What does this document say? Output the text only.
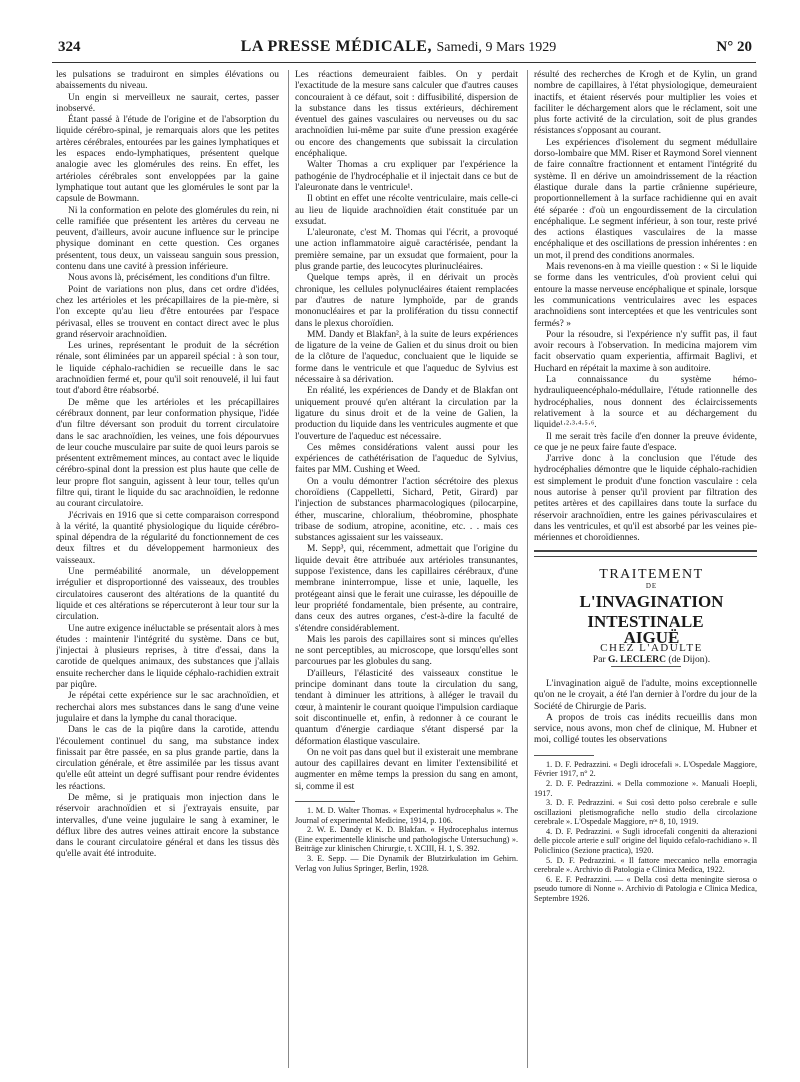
324	LA PRESSE MÉDICALE, Samedi, 9 Mars 1929	N° 20

les pulsations se traduiront en simples élévations ou abaissements du niveau.

Un engin si merveilleux ne saurait, certes, passer inobservé.

Étant passé à l'étude de l'origine et de l'absorption du liquide cérébro-spinal, je remarquais alors que les petites artères cérébrales, entourées par les gaines lymphatiques et les espaces endo-lymphatiques, présentent quelque analogie avec les glomérules des reins. En effet, les artérioles cérébrales sont enveloppées par la gaine lymphatique tout autant que les glomérules le sont par la capsule de Bowmann.

Ni la conformation en pelote des glomérules du rein, ni celle ramifiée que présentent les artères du cerveau ne peuvent, d'ailleurs, avoir aucune influence sur le principe physique dominant en cette question. Ces organes présentent, tous deux, un vaisseau sanguin sous pression, contenu dans une cavité à pression inférieure.

Nous avons là, précisément, les conditions d'un filtre.

Point de variations non plus, dans cet ordre d'idées, chez les artérioles et les précapillaires de la pie-mère, si l'on excepte qu'au lieu d'être entourées par l'espace périvasal, elles se trouvent en contact direct avec le plus grand réservoir arachnoïdien.

Les urines, représentant le produit de la sécrétion rénale, sont éliminées par un appareil spécial : à son tour, le liquide céphalo-rachidien se recueille dans le sac arachnoïdien fermé et, pour qu'il soit renouvelé, il lui faut tout d'abord être réabsorbé.

De même que les artérioles et les précapillaires cérébraux donnent, par leur conformation physique, l'idée d'un filtre déversant son produit du torrent circulatoire dans le sac arachnoïdien, les veines, une fois dépourvues de leur couche musculaire par suite de quoi leurs parois se présentent extrêmement minces, au contact avec le liquide cérébro-spinal dont la pression est plus haute que celle de leur propre flot sanguin, agissent à leur tour, telles qu'un filtre qui, tirant le liquide du sac arachnoïdien, le redonne au courant circulatoire.

J'écrivais en 1916 que si cette comparaison correspond à la vérité, la quantité physiologique du liquide cérébro-spinal dépendra de la régularité du fonctionnement de ces deux filtres et du développement harmonieux des vaisseaux.

Une perméabilité anormale, un développement irrégulier et disproportionné des vaisseaux, des troubles circulatoires causeront des altérations de la quantité du liquide et ces altérations se répercuteront à leur tour sur la circulation.

Une autre exigence inéluctable se présentait alors à mes études : maintenir l'intégrité du système. Dans ce but, j'injectai à plusieurs reprises, à titre d'essai, dans la carotide de quelques animaux, des substances que j'allais ensuite rechercher dans le liquide céphalo-rachidien extrait par piqûre.

Je répétai cette expérience sur le sac arachnoïdien, et recherchai alors mes substances dans le sang d'une veine jugulaire et dans la lymphe du canal thoracique.

Dans le cas de la piqûre dans la carotide, attendu l'écoulement continuel du sang, ma substance index finissait par être passée, en sa plus grande partie, dans la circulation générale, et être assimilée par les tissus avant qu'elle eût atteint un degré suffisant pour rendre évidentes les réactions.

De même, si je pratiquais mon injection dans le réservoir arachnoïdien et si j'extrayais ensuite, par intervalles, d'une veine jugulaire le sang à examiner, le déflux libre des autres veines attirait encore la substance dans le courant circulatoire général et dans les tissus dès qu'elle avait été introduite.

Les réactions demeuraient faibles. On y perdait l'exactitude de la mesure sans calculer que d'autres causes concouraient à ce défaut, soit : diffusibilité, dispersion de la substance dans les tissus extérieurs, déchirement éventuel des gaines vasculaires ou nerveuses ou du sac arachnoïdien lui-même par suite d'une pression exagérée ou encore des changements que subissait la circulation encéphalique.

Walter Thomas a cru expliquer par l'expérience la pathogénie de l'hydrocéphalie et il injectait dans ce but de l'aleuronate dans le ventricule¹.

Il obtint en effet une récolte ventriculaire, mais celle-ci au lieu de liquide arachnoïdien était constituée par un exsudat.

L'aleuronate, c'est M. Thomas qui l'écrit, a provoqué une action inflammatoire aiguë caractérisée, pendant la première semaine, par un exsudat que formaient, pour la plus grande partie, des leucocytes plurinucléaires.

Quelque temps après, il en dérivait un procès chronique, les cellules polynucléaires étaient remplacées par d'autres de nature lymphoïde, par de grands mononucléaires et par la prolifération du tissu connectif dans le plexus choroïdien.

MM. Dandy et Blakfan², à la suite de leurs expériences de ligature de la veine de Galien et du sinus droit ou bien de la clôture de l'aqueduc, concluaient que le liquide se forme dans le ventricule et que l'aqueduc de Sylvius est nécessaire à sa dérivation.

En réalité, les expériences de Dandy et de Blakfan ont uniquement prouvé qu'en altérant la circulation par la ligature du sinus droit et de la veine de Galien, la production du liquide dans les ventricules augmente et que l'ouverture de l'aqueduc est nécessaire.

Ces mêmes considérations valent aussi pour les expériences de cathétérisation de l'aqueduc de Sylvius, faites par MM. Cushing et Weed.

On a voulu démontrer l'action sécrétoire des plexus choroïdiens (Cappelletti, Sichard, Petit, Girard) par l'injection de substances pharmacologiques (pilocarpine, éther, muscarine, chloralium, théobromine, phosphate tribase de sodium, atropine, aconitine, etc. . . mais ces substances agissaient sur les vaisseaux.

M. Sepp³, qui, récemment, admettait que l'origine du liquide devait être attribuée aux artérioles transunantes, suppose l'existence, dans les capillaires cérébraux, d'une membrane ininterrompue, lisse et unie, laquelle, les protégeant ainsi que le ferait une cuirasse, les dépouille de leur propriété fondamentale, bien présente, au contraire, dans ceux des autres organes, c'est-à-dire la faculté de s'étendre considérablement.

Mais les parois des capillaires sont si minces qu'elles ne sont perceptibles, au microscope, que lorsqu'elles sont parcourues par les globules du sang.

D'ailleurs, l'élasticité des vaisseaux constitue le principe dominant dans toute la circulation du sang, tendant à diminuer les attritions, à alléger le travail du cœur, à maintenir le courant quoique l'impulsion cardiaque soit discontinuelle et, enfin, à redonner à ce courant le quantum d'énergie cardiaque s'étant dispersé par la déformation élastique vasculaire.

On ne voit pas dans quel but il existerait une membrane autour des capillaires devant en limiter l'extensibilité et augmenter en même temps la pression du sang en amont, si, comme il est

1. M. D. Walter Thomas. « Experimental hydrocephalus ». The Journal of experimental Medicine, 1914, p. 106.

2. W. E. Dandy et K. D. Blakfan. « Hydrocephalus internus (Eine experimentelle klinische und pathologische Untersuchung) ». Beiträge zur klinischen Chirurgie, t. XCIII, H. 1, S. 392.

3. E. Sepp. — Die Dynamik der Blutzirkulation im Gehirn. Verlag von Julius Springer, Berlin, 1928.

résulté des recherches de Krogh et de Kylin, un grand nombre de capillaires, à l'état physiologique, demeuraient inactifs, et étaient réservés pour multiplier les voies et faciliter le déchargement alors que le réclament, soit une plus forte activité de la circulation, soit de plus grandes résistances s'opposant au courant.

Les expériences d'isolement du segment médullaire dorso-lombaire que MM. Riser et Raymond Sorel viennent de faire connaître fractionnent et entament l'intégrité du système. Il en dérive un amoindrissement de la réaction élastique durale dans la partie crânienne supérieure, proportionnellement à la surface rachidienne qui en avait été séparée : d'où un engourdissement de la circulation encéphalique. Le segment inférieur, à son tour, reste privé des actions élastiques vasculaires de la masse encéphalique et des oscillations de pression inhérentes : en un mot, il prend des conditions anormales.

Mais revenons-en à ma vieille question : « Si le liquide se forme dans les ventricules, d'où provient celui qui entoure la masse nerveuse encéphalique et spinale, lorsque les communications ventriculaires avec les espaces arachnoïdiens sont interceptées et que les ventricules sont fermés? »

Pour la résoudre, si l'expérience n'y suffit pas, il faut avoir recours à l'observation. In medicina majorem vim facit observatio quam experientia, affirmait Baglivi, et Huchard en répétait la maxime à son auditoire.

La connaissance du système hémo-hydrauliqueencéphalo-médullaire, l'étude rationnelle des hydrocéphalies, nous donnent des éclaircissements relativement à la source et au déchargement du liquide¹·²·³·⁴·⁵·⁶.

Il me serait très facile d'en donner la preuve évidente, ce que je ne peux faire faute d'espace.

J'arrive donc à la conclusion que l'étude des hydrocéphalies démontre que le liquide céphalo-rachidien est simplement le produit d'une fonction vasculaire : cela nous autorise à penser qu'il provient par filtration des petites artères et des capillaires dans toute la surface du réservoir arachnoïdien, entre les gaines périvasculaires et dans les ventricules, et qu'il est absorbé par les veines pie-mériennes et choroïdiennes.

TRAITEMENT

DE

L'INVAGINATION INTESTINALE

AIGUË

CHEZ L'ADULTE

Par G. LECLERC (de Dijon).

L'invagination aiguë de l'adulte, moins exceptionnelle qu'on ne le croyait, a été l'an dernier à l'ordre du jour de la Société de Chirurgie de Paris.

A propos de trois cas inédits recueillis dans mon service, nous avons, mon chef de clinique, M. Hubner et moi, colligé toutes les observations

1. D. F. Pedrazzini. « Degli idrocefali ». L'Ospedale Maggiore, Février 1917, n° 2.

2. D. F. Pedrazzini. « Della commozione ». Manuali Hoepli, 1917.

3. D. F. Pedrazzini. « Sui così detto polso cerebrale e sulle oscillazioni pletismografiche nello studio della circolazione cerebrale ». L'Ospedale Maggiore, nᵒˢ 8, 10, 1919.

4. D. F. Pedrazzini. « Sugli idrocefali congeniti da alterazioni delle piccole arterie e sull' origine del liquido cefalo-rachidiano ». Il Policlinico (Sezione practica), 1920.

5. D. F. Pedrazzini. « Il fattore meccanico nella emorragia cerebrale ». Archivio di Patologia e Clinica Medica, 1922.

6. E. F. Pedrazzini. — « Della così detta meningite sierosa o pseudo tumore di Nonne ». Archivio di Patologia e Clinica Medica, Septembre 1926.
